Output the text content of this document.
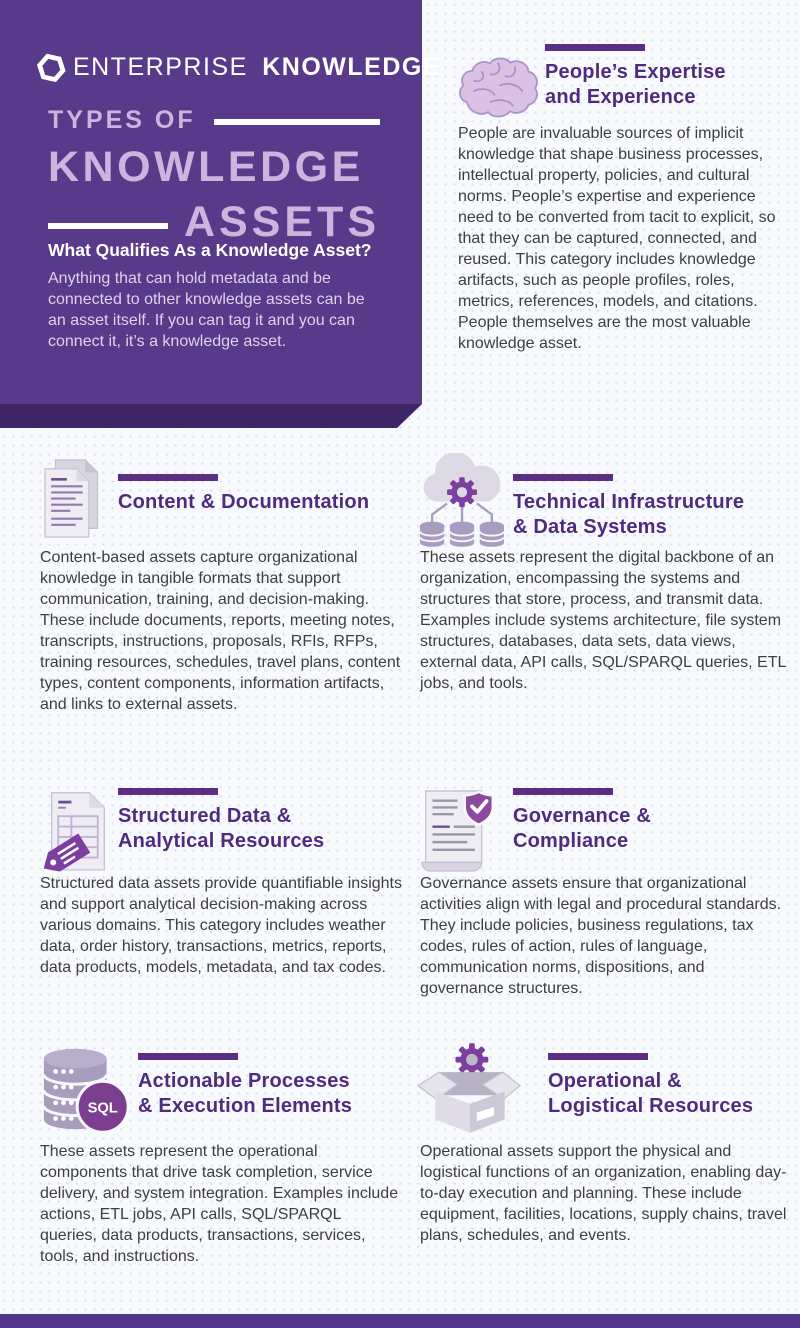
ENTERPRISE KNOWLEDGE
TYPES OF
KNOWLEDGE
ASSETS
What Qualifies As a Knowledge Asset?
Anything that can hold metadata and be connected to other knowledge assets can be an asset itself. If you can tag it and you can connect it, it’s a knowledge asset.
People’s Expertise
and Experience

People are invaluable sources of implicit knowledge that shape business processes, intellectual property, policies, and cultural norms. People’s expertise and experience need to be converted from tacit to explicit, so that they can be captured, connected, and reused. This category includes knowledge artifacts, such as people profiles, roles, metrics, references, models, and citations. People themselves are the most valuable knowledge asset.

Content & Documentation

Content-based assets capture organizational knowledge in tangible formats that support communication, training, and decision-making. These include documents, reports, meeting notes, transcripts, instructions, proposals, RFIs, RFPs, training resources, schedules, travel plans, content types, content components, information artifacts, and links to external assets.

Technical Infrastructure
& Data Systems

These assets represent the digital backbone of an organization, encompassing the systems and structures that store, process, and transmit data. Examples include systems architecture, file system structures, databases, data sets, data views, external data, API calls, SQL/SPARQL queries, ETL jobs, and tools.

Structured Data &
Analytical Resources

Structured data assets provide quantifiable insights and support analytical decision-making across various domains. This category includes weather data, order history, transactions, metrics, reports, data products, models, metadata, and tax codes.

Governance &
Compliance

Governance assets ensure that organizational activities align with legal and procedural standards. They include policies, business regulations, tax codes, rules of action, rules of language, communication norms, dispositions, and governance structures.

SQL
Actionable Processes
& Execution Elements

These assets represent the operational components that drive task completion, service delivery, and system integration. Examples include actions, ETL jobs, API calls, SQL/SPARQL queries, data products, transactions, services, tools, and instructions.

Operational &
Logistical Resources

Operational assets support the physical and logistical functions of an organization, enabling day-to-day execution and planning. These include equipment, facilities, locations, supply chains, travel plans, schedules, and events.
